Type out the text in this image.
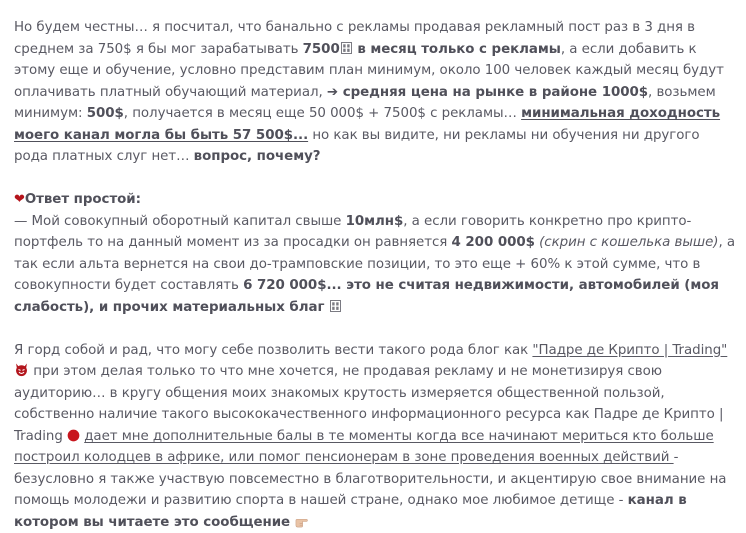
Но будем честны… я посчитал, что банально с рекламы продавая рекламный пост раз в 3 дня в среднем за 750$ я бы мог зарабатывать 7500 в месяц только с рекламы, а если добавить к этому еще и обучение, условно представим план минимум, около 100 человек каждый месяц будут оплачивать платный обучающий материал, ➔ средняя цена на рынке в районе 1000$, возьмем минимум: 500$, получается в месяц еще 50 000$ + 7500$ с рекламы… минимальная доходность моего канал могла бы быть 57 500$... но как вы видите, ни рекламы ни обучения ни другого рода платных слуг нет… вопрос, почему?

❤Ответ простой:
— Мой совокупный оборотный капитал свыше 10млн$, а если говорить конкретно про крипто-портфель то на данный момент из за просадки он равняется 4 200 000$ (скрин с кошелька выше), а так если альта вернется на свои до-трамповские позиции, то это еще + 60% к этой сумме, что в совокупности будет составлять 6 720 000$... это не считая недвижимости, автомобилей (моя слабость), и прочих материальных благ

Я горд собой и рад, что могу себе позволить вести такого рода блог как "Падре де Крипто | Trading"  при этом делая только то что мне хочется, не продавая рекламу и не монетизируя свою аудиторию… в кругу общения моих знакомых крутость измеряется общественной пользой, собственно наличие такого высококачественного информационного ресурса как Падре де Крипто | Trading  дает мне дополнительные балы в те моменты когда все начинают мериться кто больше построил колодцев в африке, или помог пенсионерам в зоне проведения военных действий - безусловно я также участвую повсеместно в благотворительности, и акцентирую свое внимание на помощь молодежи и развитию спорта в нашей стране, однако мое любимое детище - канал в котором вы читаете это сообщение
